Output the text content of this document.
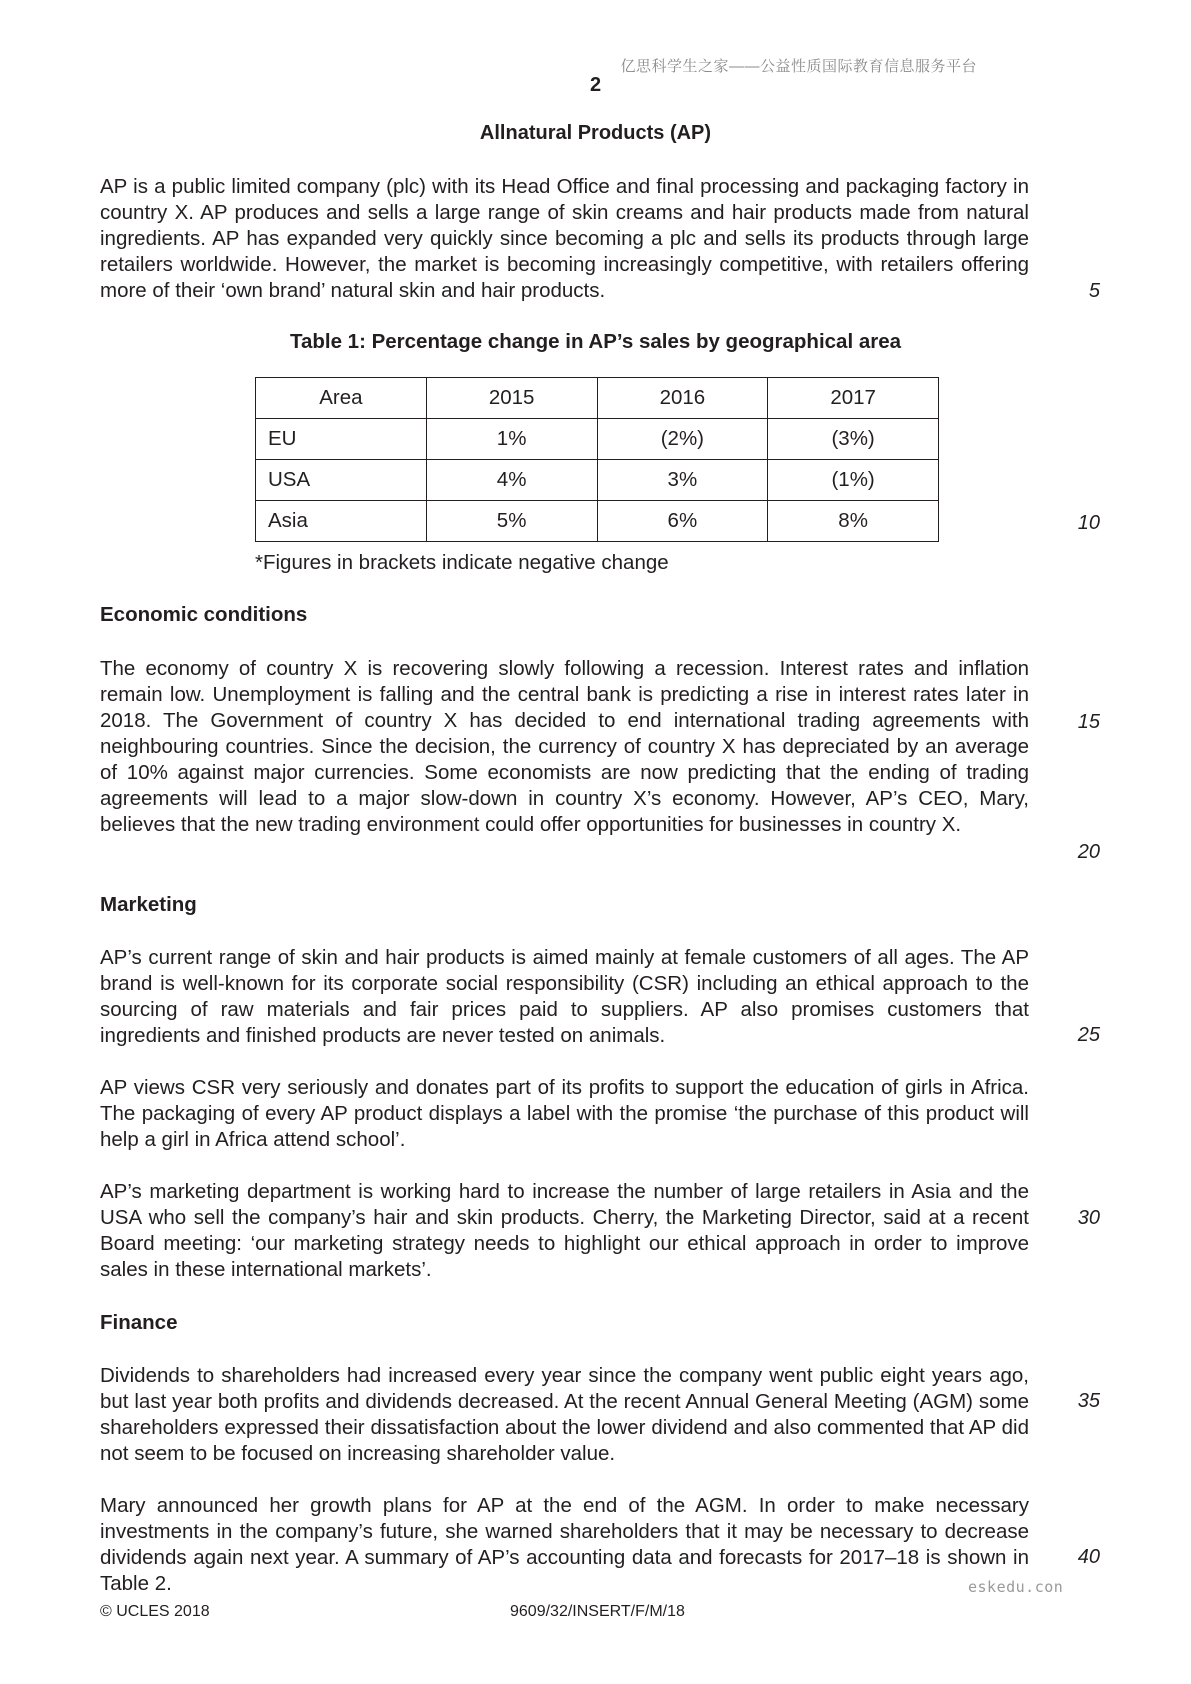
亿思科学生之家——公益性质国际教育信息服务平台
2
Allnatural Products (AP)

AP is a public limited company (plc) with its Head Office and final processing and packaging factory in country X. AP produces and sells a large range of skin creams and hair products made from natural ingredients. AP has expanded very quickly since becoming a plc and sells its products through large retailers worldwide. However, the market is becoming increasingly competitive, with retailers offering more of their ‘own brand’ natural skin and hair products.

Table 1: Percentage change in AP’s sales by geographical area
Area	2015	2016	2017
EU	1%	(2%)	(3%)
USA	4%	3%	(1%)
Asia	5%	6%	8%
*Figures in brackets indicate negative change
Economic conditions

The economy of country X is recovering slowly following a recession. Interest rates and inflation remain low. Unemployment is falling and the central bank is predicting a rise in interest rates later in 2018. The Government of country X has decided to end international trading agreements with neighbouring countries. Since the decision, the currency of country X has depreciated by an average of 10% against major currencies. Some economists are now predicting that the ending of trading agreements will lead to a major slow-down in country X’s economy. However, AP’s CEO, Mary, believes that the new trading environment could offer opportunities for businesses in country X.

Marketing

AP’s current range of skin and hair products is aimed mainly at female customers of all ages. The AP brand is well-known for its corporate social responsibility (CSR) including an ethical approach to the sourcing of raw materials and fair prices paid to suppliers. AP also promises customers that ingredients and finished products are never tested on animals.

AP views CSR very seriously and donates part of its profits to support the education of girls in Africa. The packaging of every AP product displays a label with the promise ‘the purchase of this product will help a girl in Africa attend school’.

AP’s marketing department is working hard to increase the number of large retailers in Asia and the USA who sell the company’s hair and skin products. Cherry, the Marketing Director, said at a recent Board meeting: ‘our marketing strategy needs to highlight our ethical approach in order to improve sales in these international markets’.

Finance

Dividends to shareholders had increased every year since the company went public eight years ago, but last year both profits and dividends decreased. At the recent Annual General Meeting (AGM) some shareholders expressed their dissatisfaction about the lower dividend and also commented that AP did not seem to be focused on increasing shareholder value.

Mary announced her growth plans for AP at the end of the AGM. In order to make necessary investments in the company’s future, she warned shareholders that it may be necessary to decrease dividends again next year. A summary of AP’s accounting data and forecasts for 2017–18 is shown in Table 2.

5
10
15
20
25
30
35
40
eskedu.con
© UCLES 2018	9609/32/INSERT/F/M/18
